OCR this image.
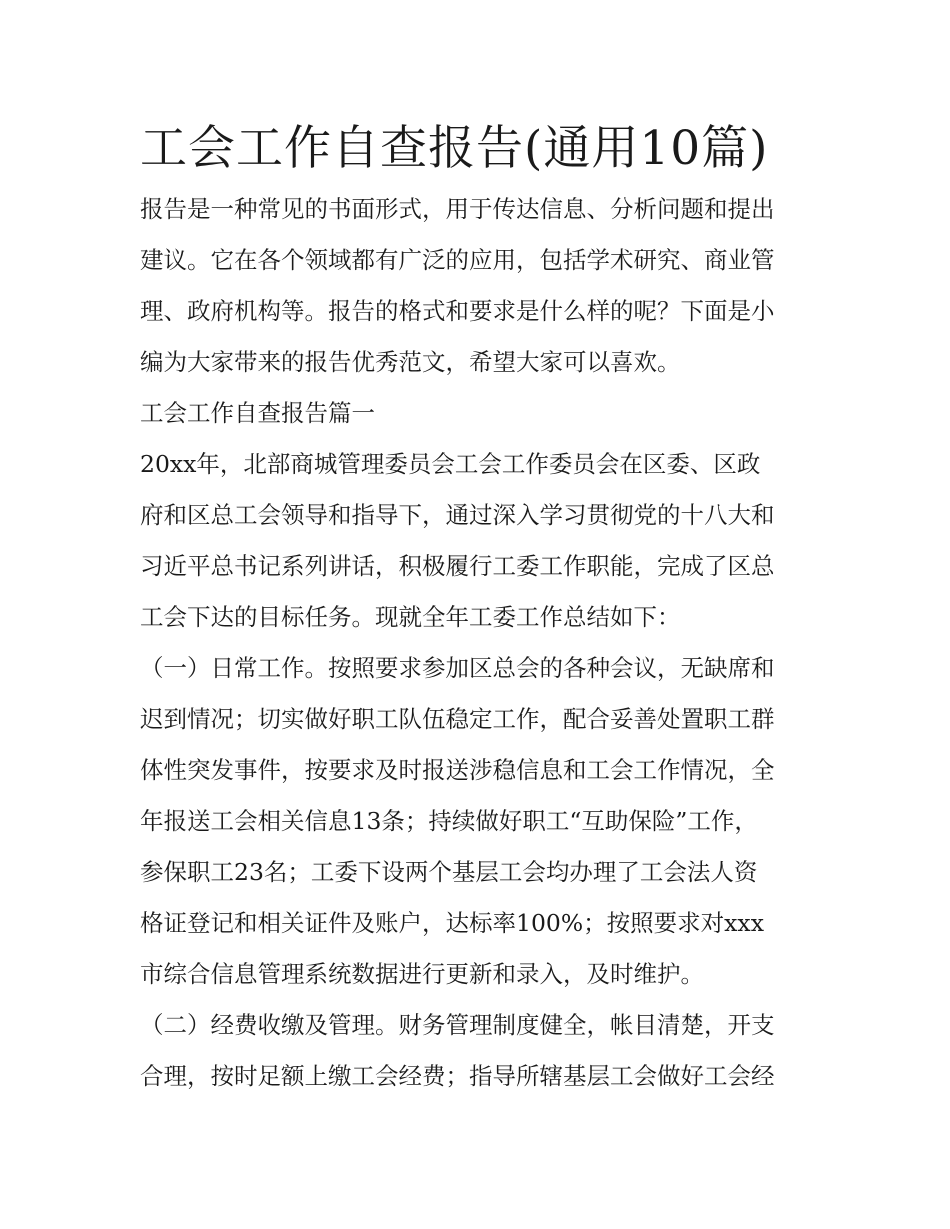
工会工作自查报告(通用10篇)
报告是一种常见的书面形式，用于传达信息、分析问题和提出
建议。它在各个领域都有广泛的应用，包括学术研究、商业管
理、政府机构等。报告的格式和要求是什么样的呢？下面是小
编为大家带来的报告优秀范文，希望大家可以喜欢。
工会工作自查报告篇一
20xx年，北部商城管理委员会工会工作委员会在区委、区政
府和区总工会领导和指导下，通过深入学习贯彻党的十八大和
习近平总书记系列讲话，积极履行工委工作职能，完成了区总
工会下达的目标任务。现就全年工委工作总结如下：
（一）日常工作。按照要求参加区总会的各种会议，无缺席和
迟到情况；切实做好职工队伍稳定工作，配合妥善处置职工群
体性突发事件，按要求及时报送涉稳信息和工会工作情况，全
年报送工会相关信息13条；持续做好职工“互助保险”工作，
参保职工23名；工委下设两个基层工会均办理了工会法人资
格证登记和相关证件及账户，达标率100%；按照要求对xxx
市综合信息管理系统数据进行更新和录入，及时维护。
（二）经费收缴及管理。财务管理制度健全，帐目清楚，开支
合理，按时足额上缴工会经费；指导所辖基层工会做好工会经
